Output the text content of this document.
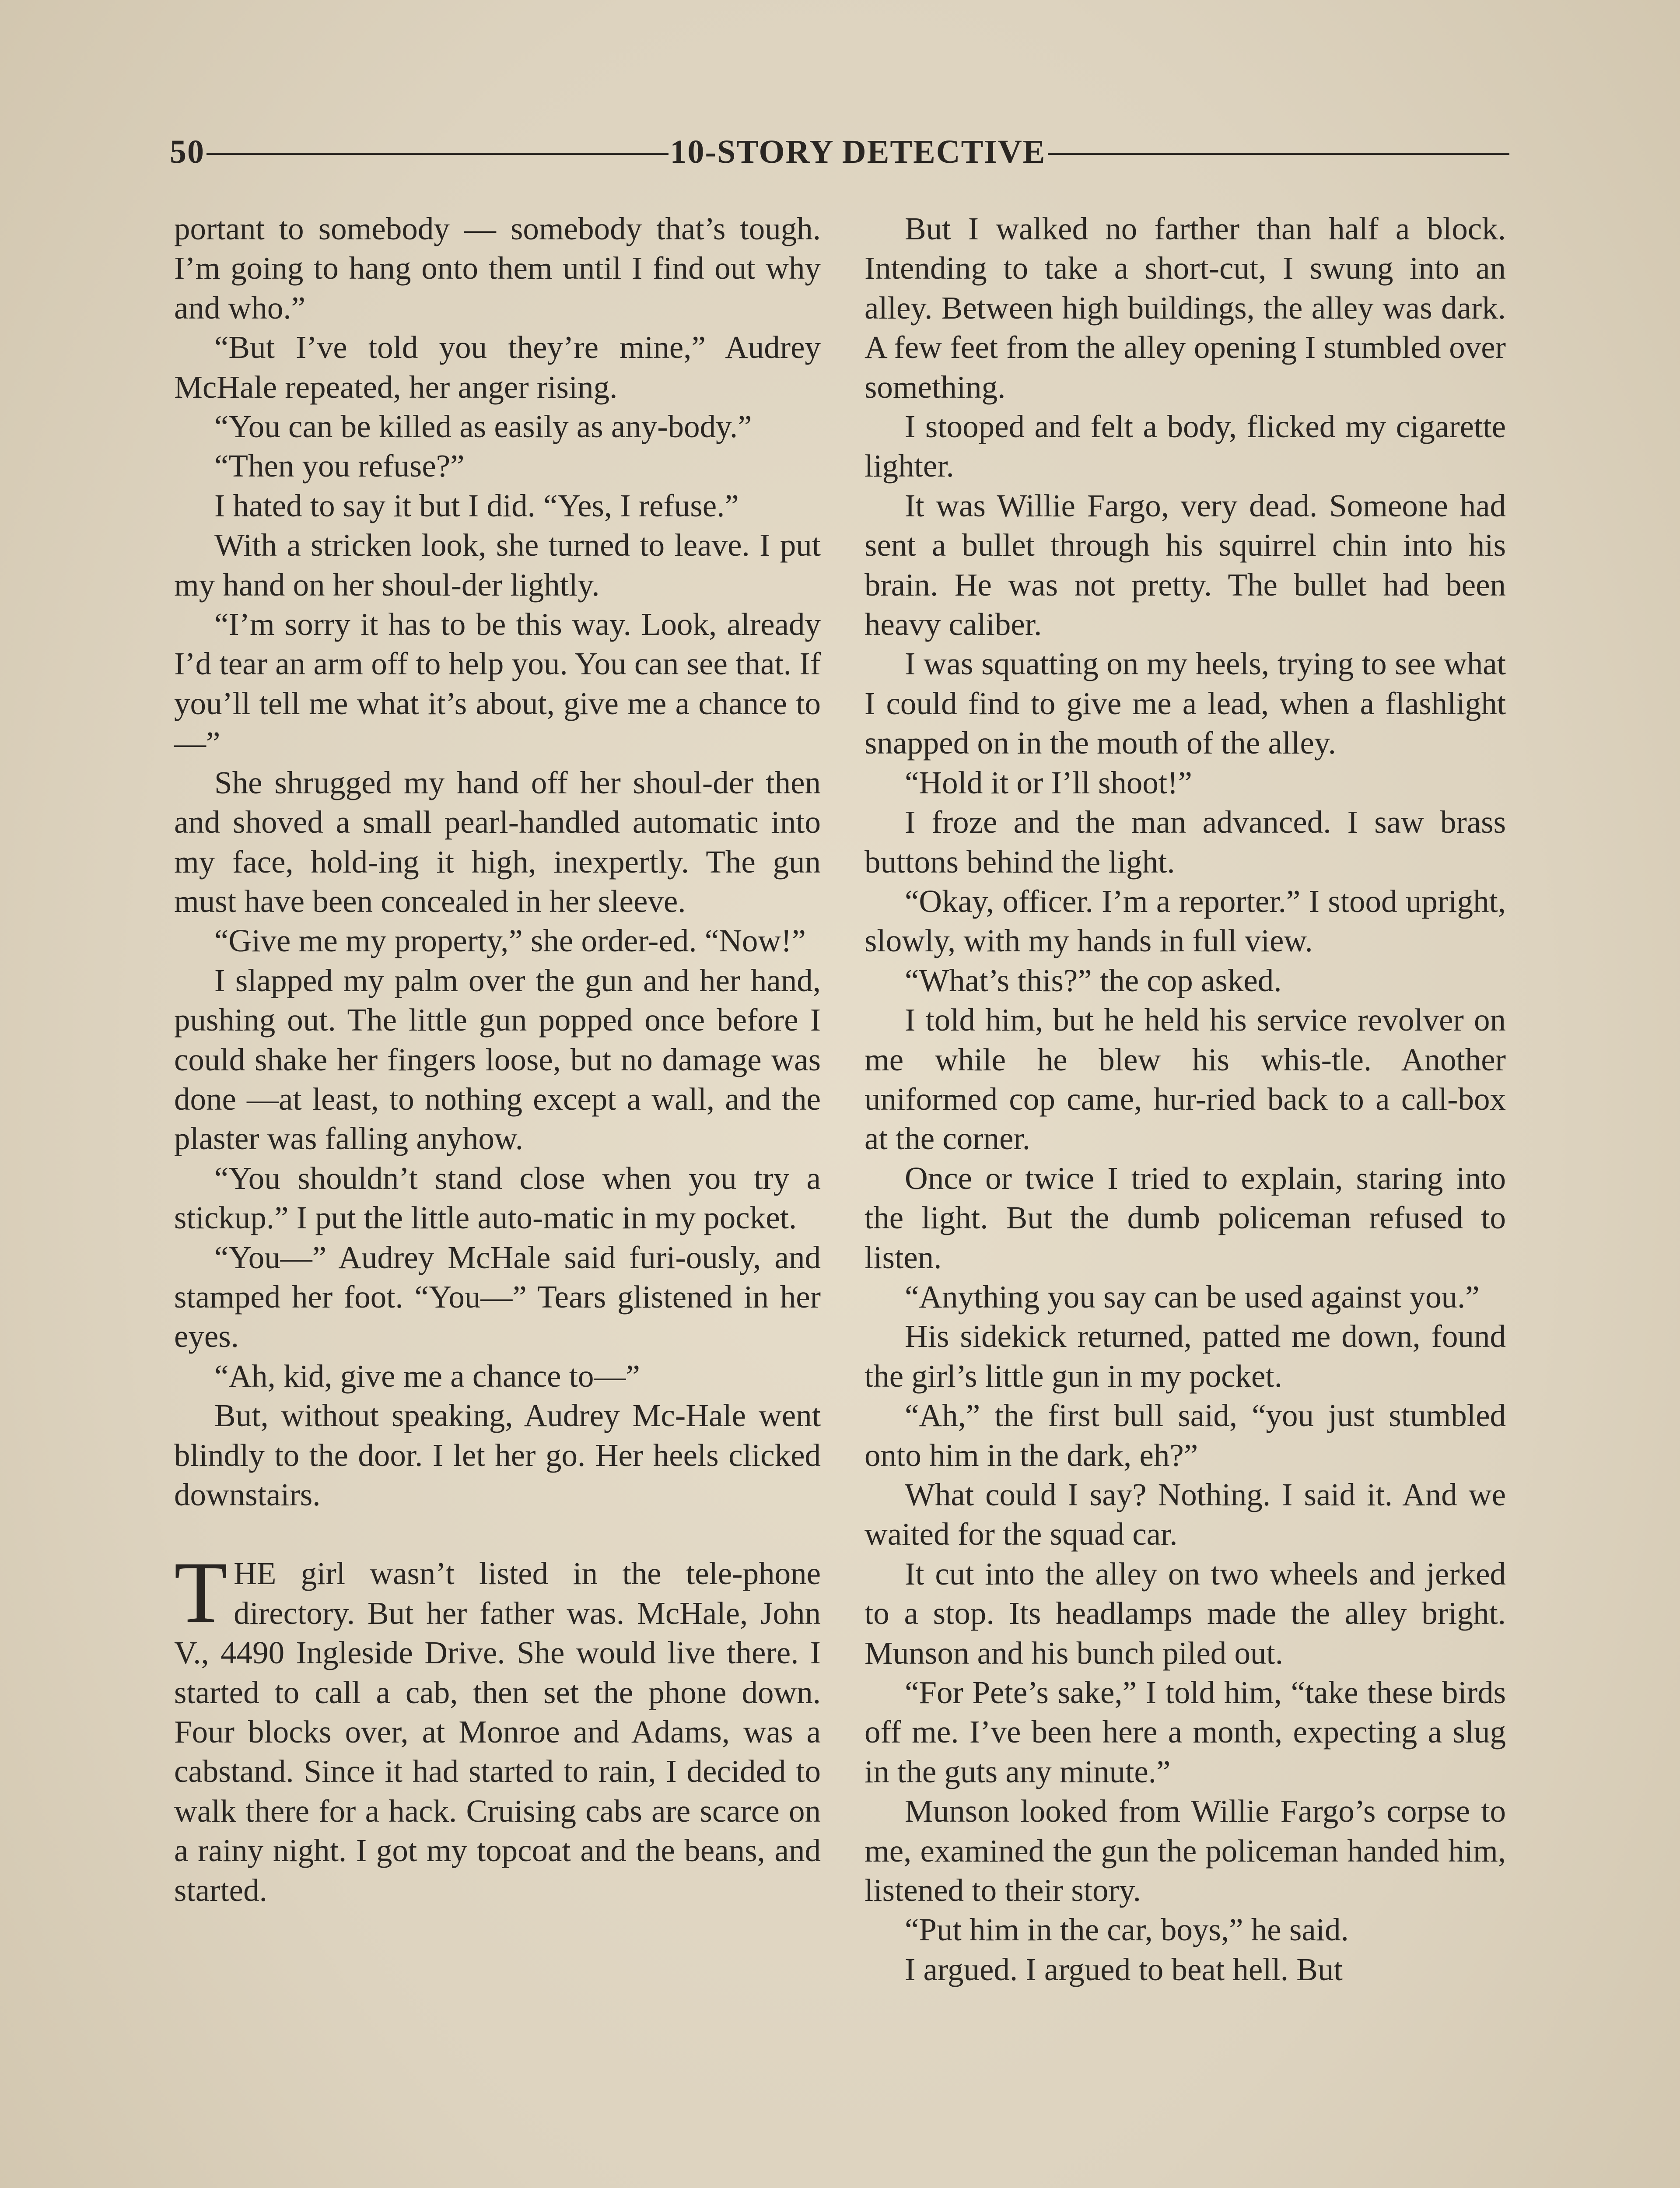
50	10-STORY DETECTIVE

portant to somebody — somebody that’s tough. I’m going to hang onto them until I find out why and who.”

“But I’ve told you they’re mine,” Audrey McHale repeated, her anger rising.

“You can be killed as easily as any-body.”

“Then you refuse?”

I hated to say it but I did. “Yes, I refuse.”

With a stricken look, she turned to leave. I put my hand on her shoul-der lightly.

“I’m sorry it has to be this way. Look, already I’d tear an arm off to help you. You can see that. If you’ll tell me what it’s about, give me a chance to—”

She shrugged my hand off her shoul-der then and shoved a small pearl-handled automatic into my face, hold-ing it high, inexpertly. The gun must have been concealed in her sleeve.

“Give me my property,” she order-ed. “Now!”

I slapped my palm over the gun and her hand, pushing out. The little gun popped once before I could shake her fingers loose, but no damage was done —at least, to nothing except a wall, and the plaster was falling anyhow.

“You shouldn’t stand close when you try a stickup.” I put the little auto-matic in my pocket.

“You—” Audrey McHale said furi-ously, and stamped her foot. “You—” Tears glistened in her eyes.

“Ah, kid, give me a chance to—”

But, without speaking, Audrey Mc-Hale went blindly to the door. I let her go. Her heels clicked downstairs.

THE girl wasn’t listed in the tele-phone directory. But her father was. McHale, John V., 4490 Ingleside Drive. She would live there. I started to call a cab, then set the phone down. Four blocks over, at Monroe and Adams, was a cabstand. Since it had started to rain, I decided to walk there for a hack. Cruising cabs are scarce on a rainy night. I got my topcoat and the beans, and started.

But I walked no farther than half a block. Intending to take a short-cut, I swung into an alley. Between high buildings, the alley was dark. A few feet from the alley opening I stumbled over something.

I stooped and felt a body, flicked my cigarette lighter.

It was Willie Fargo, very dead. Someone had sent a bullet through his squirrel chin into his brain. He was not pretty. The bullet had been heavy caliber.

I was squatting on my heels, trying to see what I could find to give me a lead, when a flashlight snapped on in the mouth of the alley.

“Hold it or I’ll shoot!”

I froze and the man advanced. I saw brass buttons behind the light.

“Okay, officer. I’m a reporter.” I stood upright, slowly, with my hands in full view.

“What’s this?” the cop asked.

I told him, but he held his service revolver on me while he blew his whis-tle. Another uniformed cop came, hur-ried back to a call-box at the corner.

Once or twice I tried to explain, staring into the light. But the dumb policeman refused to listen.

“Anything you say can be used against you.”

His sidekick returned, patted me down, found the girl’s little gun in my pocket.

“Ah,” the first bull said, “you just stumbled onto him in the dark, eh?”

What could I say? Nothing. I said it. And we waited for the squad car.

It cut into the alley on two wheels and jerked to a stop. Its headlamps made the alley bright. Munson and his bunch piled out.

“For Pete’s sake,” I told him, “take these birds off me. I’ve been here a month, expecting a slug in the guts any minute.”

Munson looked from Willie Fargo’s corpse to me, examined the gun the policeman handed him, listened to their story.

“Put him in the car, boys,” he said.

I argued. I argued to beat hell. But
